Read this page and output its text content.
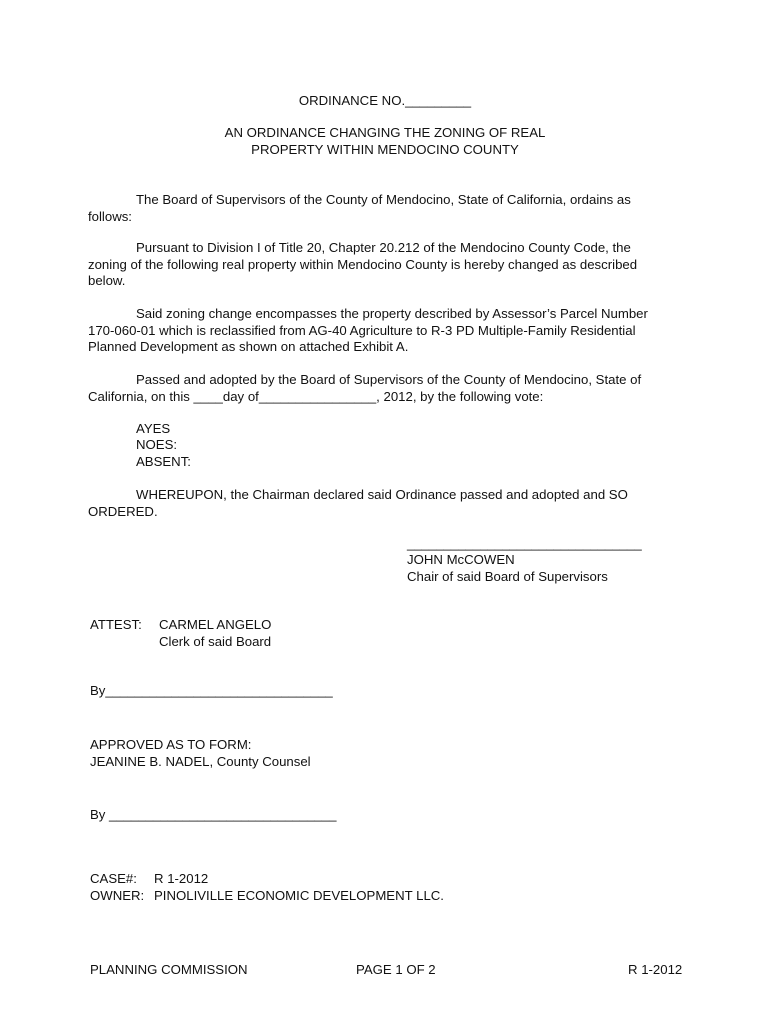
ORDINANCE NO._________
AN ORDINANCE CHANGING THE ZONING OF REAL
PROPERTY WITHIN MENDOCINO COUNTY
The Board of Supervisors of the County of Mendocino, State of California, ordains as follows:
Pursuant to Division I of Title 20, Chapter 20.212 of the Mendocino County Code, the zoning of the following real property within Mendocino County is hereby changed as described below.
Said zoning change encompasses the property described by Assessor’s Parcel Number 170-060-01 which is reclassified from AG-40 Agriculture to R-3 PD Multiple-Family Residential Planned Development as shown on attached Exhibit A.
Passed and adopted by the Board of Supervisors of the County of Mendocino, State of California, on this ____day of________________, 2012, by the following vote:
AYES
NOES:
ABSENT:
WHEREUPON, the Chairman declared said Ordinance passed and adopted and SO ORDERED.
________________________________
JOHN McCOWEN
Chair of said Board of Supervisors
ATTEST: CARMEL ANGELO
Clerk of said Board
By_______________________________
APPROVED AS TO FORM:
JEANINE B. NADEL, County Counsel
By _______________________________
CASE#: R 1-2012
OWNER: PINOLIVILLE ECONOMIC DEVELOPMENT LLC.
PLANNING COMMISSION	PAGE 1 OF 2	R 1-2012
